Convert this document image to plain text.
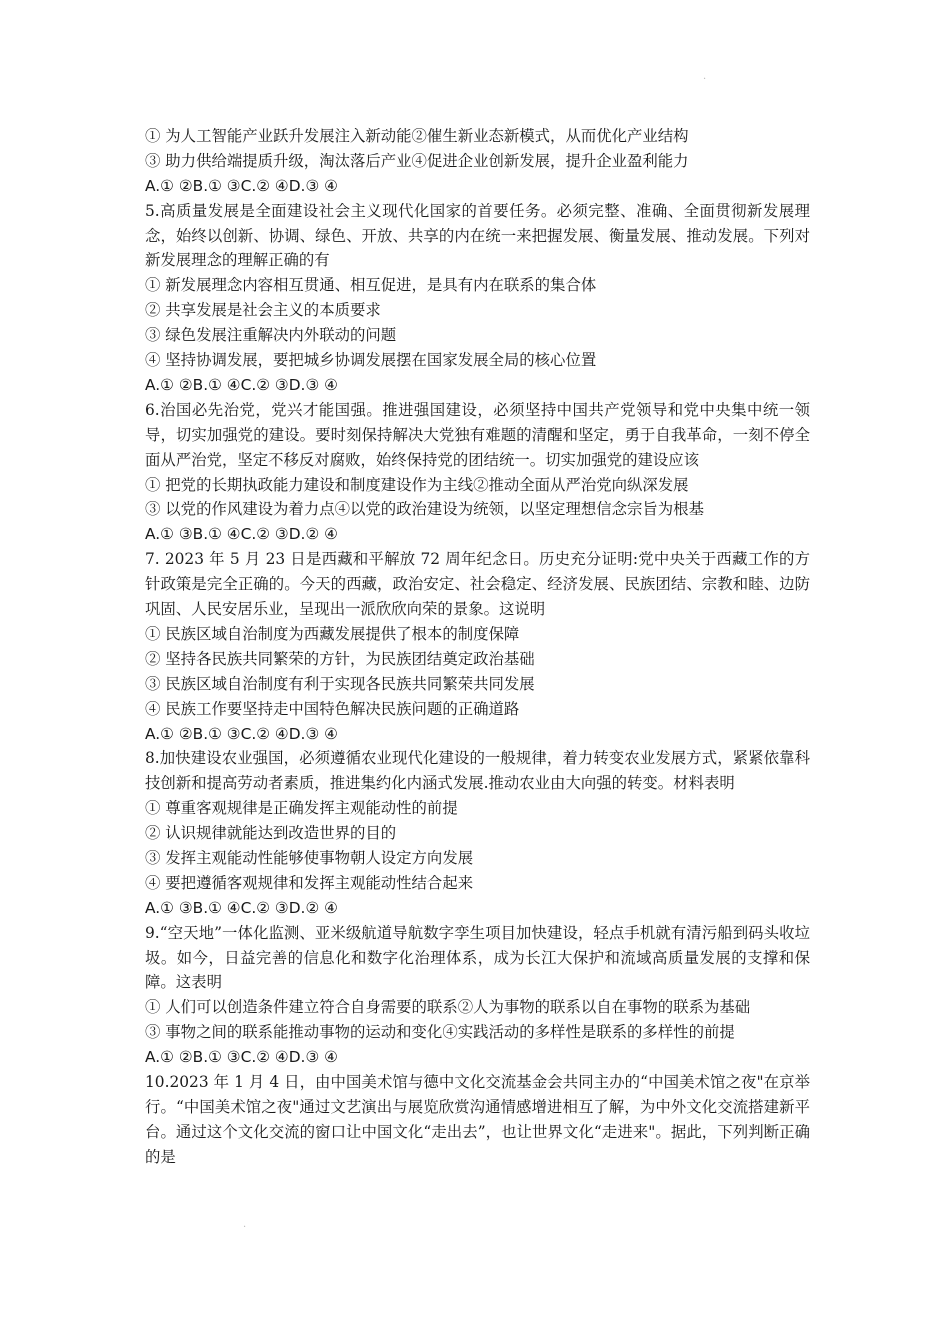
·
① 为人工智能产业跃升发展注入新动能②催生新业态新模式，从而优化产业结构
③ 助力供给端提质升级，淘汰落后产业④促进企业创新发展，提升企业盈利能力
A.① ②B.① ③C.② ④D.③ ④
5.高质量发展是全面建设社会主义现代化国家的首要任务。必须完整、准确、全面贯彻新发展理念，始终以创新、协调、绿色、开放、共享的内在统一来把握发展、衡量发展、推动发展。下列对新发展理念的理解正确的有
① 新发展理念内容相互贯通、相互促进，是具有内在联系的集合体
② 共享发展是社会主义的本质要求
③ 绿色发展注重解决内外联动的问题
④ 坚持协调发展，要把城乡协调发展摆在国家发展全局的核心位置
A.① ②B.① ④C.② ③D.③ ④
6.治国必先治党，党兴才能国强。推进强国建设，必须坚持中国共产党领导和党中央集中统一领导，切实加强党的建设。要时刻保持解决大党独有难题的清醒和坚定，勇于自我革命，一刻不停全面从严治党，坚定不移反对腐败，始终保持党的团结统一。切实加强党的建设应该
① 把党的长期执政能力建设和制度建设作为主线②推动全面从严治党向纵深发展
③ 以党的作风建设为着力点④以党的政治建设为统领，以坚定理想信念宗旨为根基
A.① ③B.① ④C.② ③D.② ④
7. 2023 年 5 月 23 日是西藏和平解放 72 周年纪念日。历史充分证明:党中央关于西藏工作的方针政策是完全正确的。今天的西藏，政治安定、社会稳定、经济发展、民族团结、宗教和睦、边防巩固、人民安居乐业，呈现出一派欣欣向荣的景象。这说明
① 民族区域自治制度为西藏发展提供了根本的制度保障
② 坚持各民族共同繁荣的方针，为民族团结奠定政治基础
③ 民族区域自治制度有利于实现各民族共同繁荣共同发展
④ 民族工作要坚持走中国特色解决民族问题的正确道路
A.① ②B.① ③C.② ④D.③ ④
8.加快建设农业强国，必须遵循农业现代化建设的一般规律，着力转变农业发展方式，紧紧依靠科技创新和提高劳动者素质，推进集约化内涵式发展.推动农业由大向强的转变。材料表明
① 尊重客观规律是正确发挥主观能动性的前提
② 认识规律就能达到改造世界的目的
③ 发挥主观能动性能够使事物朝人设定方向发展
④ 要把遵循客观规律和发挥主观能动性结合起来
A.① ③B.① ④C.② ③D.② ④
9.“空天地”一体化监测、亚米级航道导航数字孪生项目加快建设，轻点手机就有清污船到码头收垃圾。如今，日益完善的信息化和数字化治理体系，成为长江大保护和流域高质量发展的支撑和保障。这表明
① 人们可以创造条件建立符合自身需要的联系②人为事物的联系以自在事物的联系为基础
③ 事物之间的联系能推动事物的运动和变化④实践活动的多样性是联系的多样性的前提
A.① ②B.① ③C.② ④D.③ ④
10.2023 年 1 月 4 日，由中国美术馆与德中文化交流基金会共同主办的“中国美术馆之夜"在京举行。“中国美术馆之夜"通过文艺演出与展览欣赏沟通情感增进相互了解，为中外文化交流搭建新平台。通过这个文化交流的窗口让中国文化“走出去”，也让世界文化“走进来"。据此，下列判断正确的是
·
